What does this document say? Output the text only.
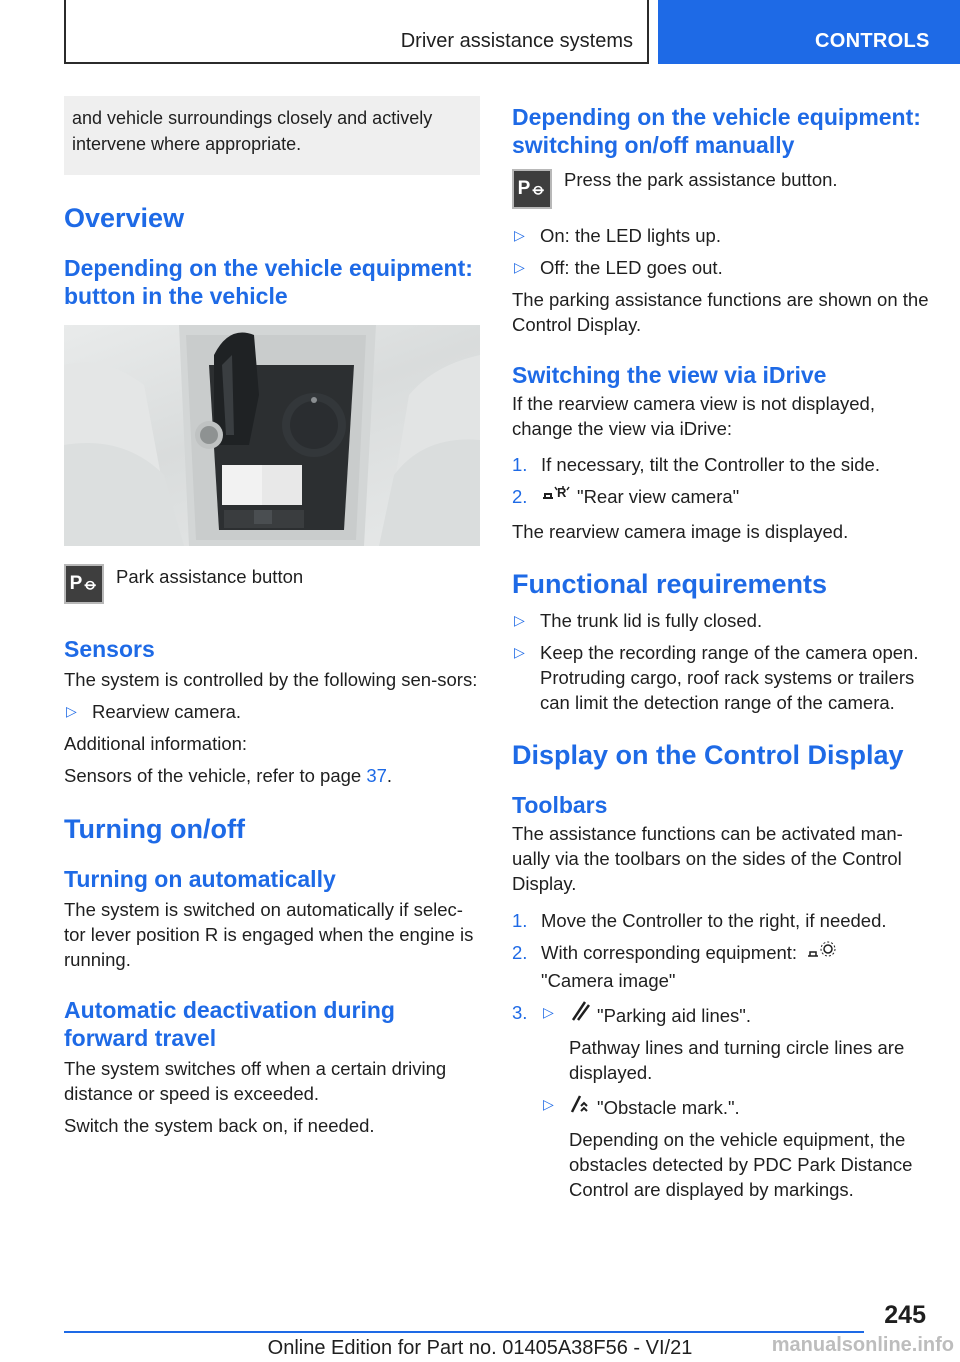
Driver assistance systems	CONTROLS
and vehicle surroundings closely and actively intervene where appropriate.
Overview
Depending on the vehicle equipment: button in the vehicle
P⦵ Park assistance button

Sensors

The system is controlled by the following sen-sors:

▷ Rearview camera.

Additional information:

Sensors of the vehicle, refer to page 37.

Turning on/off
Turning on automatically

The system is switched on automatically if selec-tor lever position R is engaged when the engine is running.

Automatic deactivation during forward travel

The system switches off when a certain driving distance or speed is exceeded.

Switch the system back on, if needed.

Depending on the vehicle equipment: switching on/off manually
P⦵ Press the park assistance button.

▷ On: the LED lights up.
▷ Off: the LED goes out.

The parking assistance functions are shown on the Control Display.

Switching the view via iDrive

If the rearview camera view is not displayed, change the view via iDrive:

1. If necessary, tilt the Controller to the side.
2.	R "Rear view camera"

The rearview camera image is displayed.

Functional requirements
▷ The trunk lid is fully closed.
▷ Keep the recording range of the camera open. Protruding cargo, roof rack systems or trailers can limit the detection range of the camera.
Display on the Control Display
Toolbars

The assistance functions can be activated man-ually via the toolbars on the sides of the Control Display.

1. Move the Controller to the right, if needed.
2. With corresponding equipment:
"Camera image"
3.	▷	"Parking aid lines".

Pathway lines and turning circle lines are displayed.

▷	"Obstacle mark.".

Depending on the vehicle equipment, the obstacles detected by PDC Park Distance Control are displayed by markings.

245
Online Edition for Part no. 01405A38F56 - VI/21	manualsonline.info
